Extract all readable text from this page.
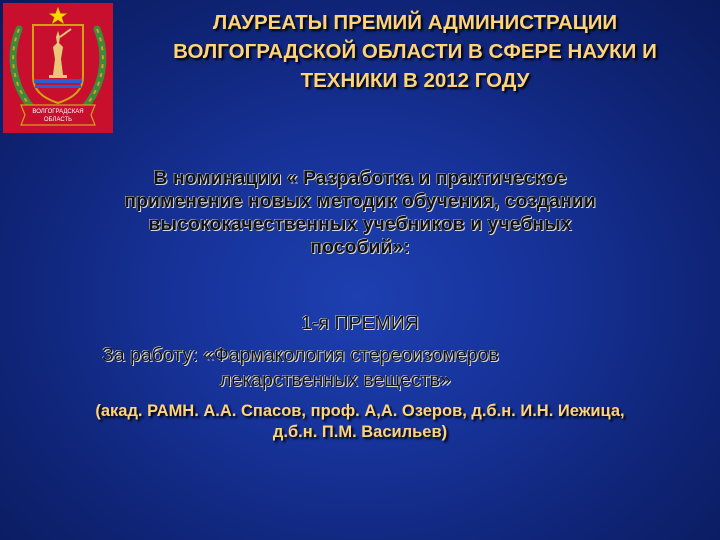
ВОЛГОГРАДСКАЯ
ОБЛАСТЬ
ЛАУРЕАТЫ ПРЕМИЙ АДМИНИСТРАЦИИ
ВОЛГОГРАДСКОЙ ОБЛАСТИ В СФЕРЕ НАУКИ И
ТЕХНИКИ В 2012 ГОДУ
В номинации « Разработка и практическое
применение новых методик обучения, создании
высококачественных учебников и учебных
пособий»:
1-я ПРЕМИЯ
За работу: «Фармакология стереоизомеров
лекарственных веществ»
(акад. РАМН. А.А. Спасов, проф. А,А. Озеров, д.б.н. И.Н. Иежица,
д.б.н. П.М. Васильев)
